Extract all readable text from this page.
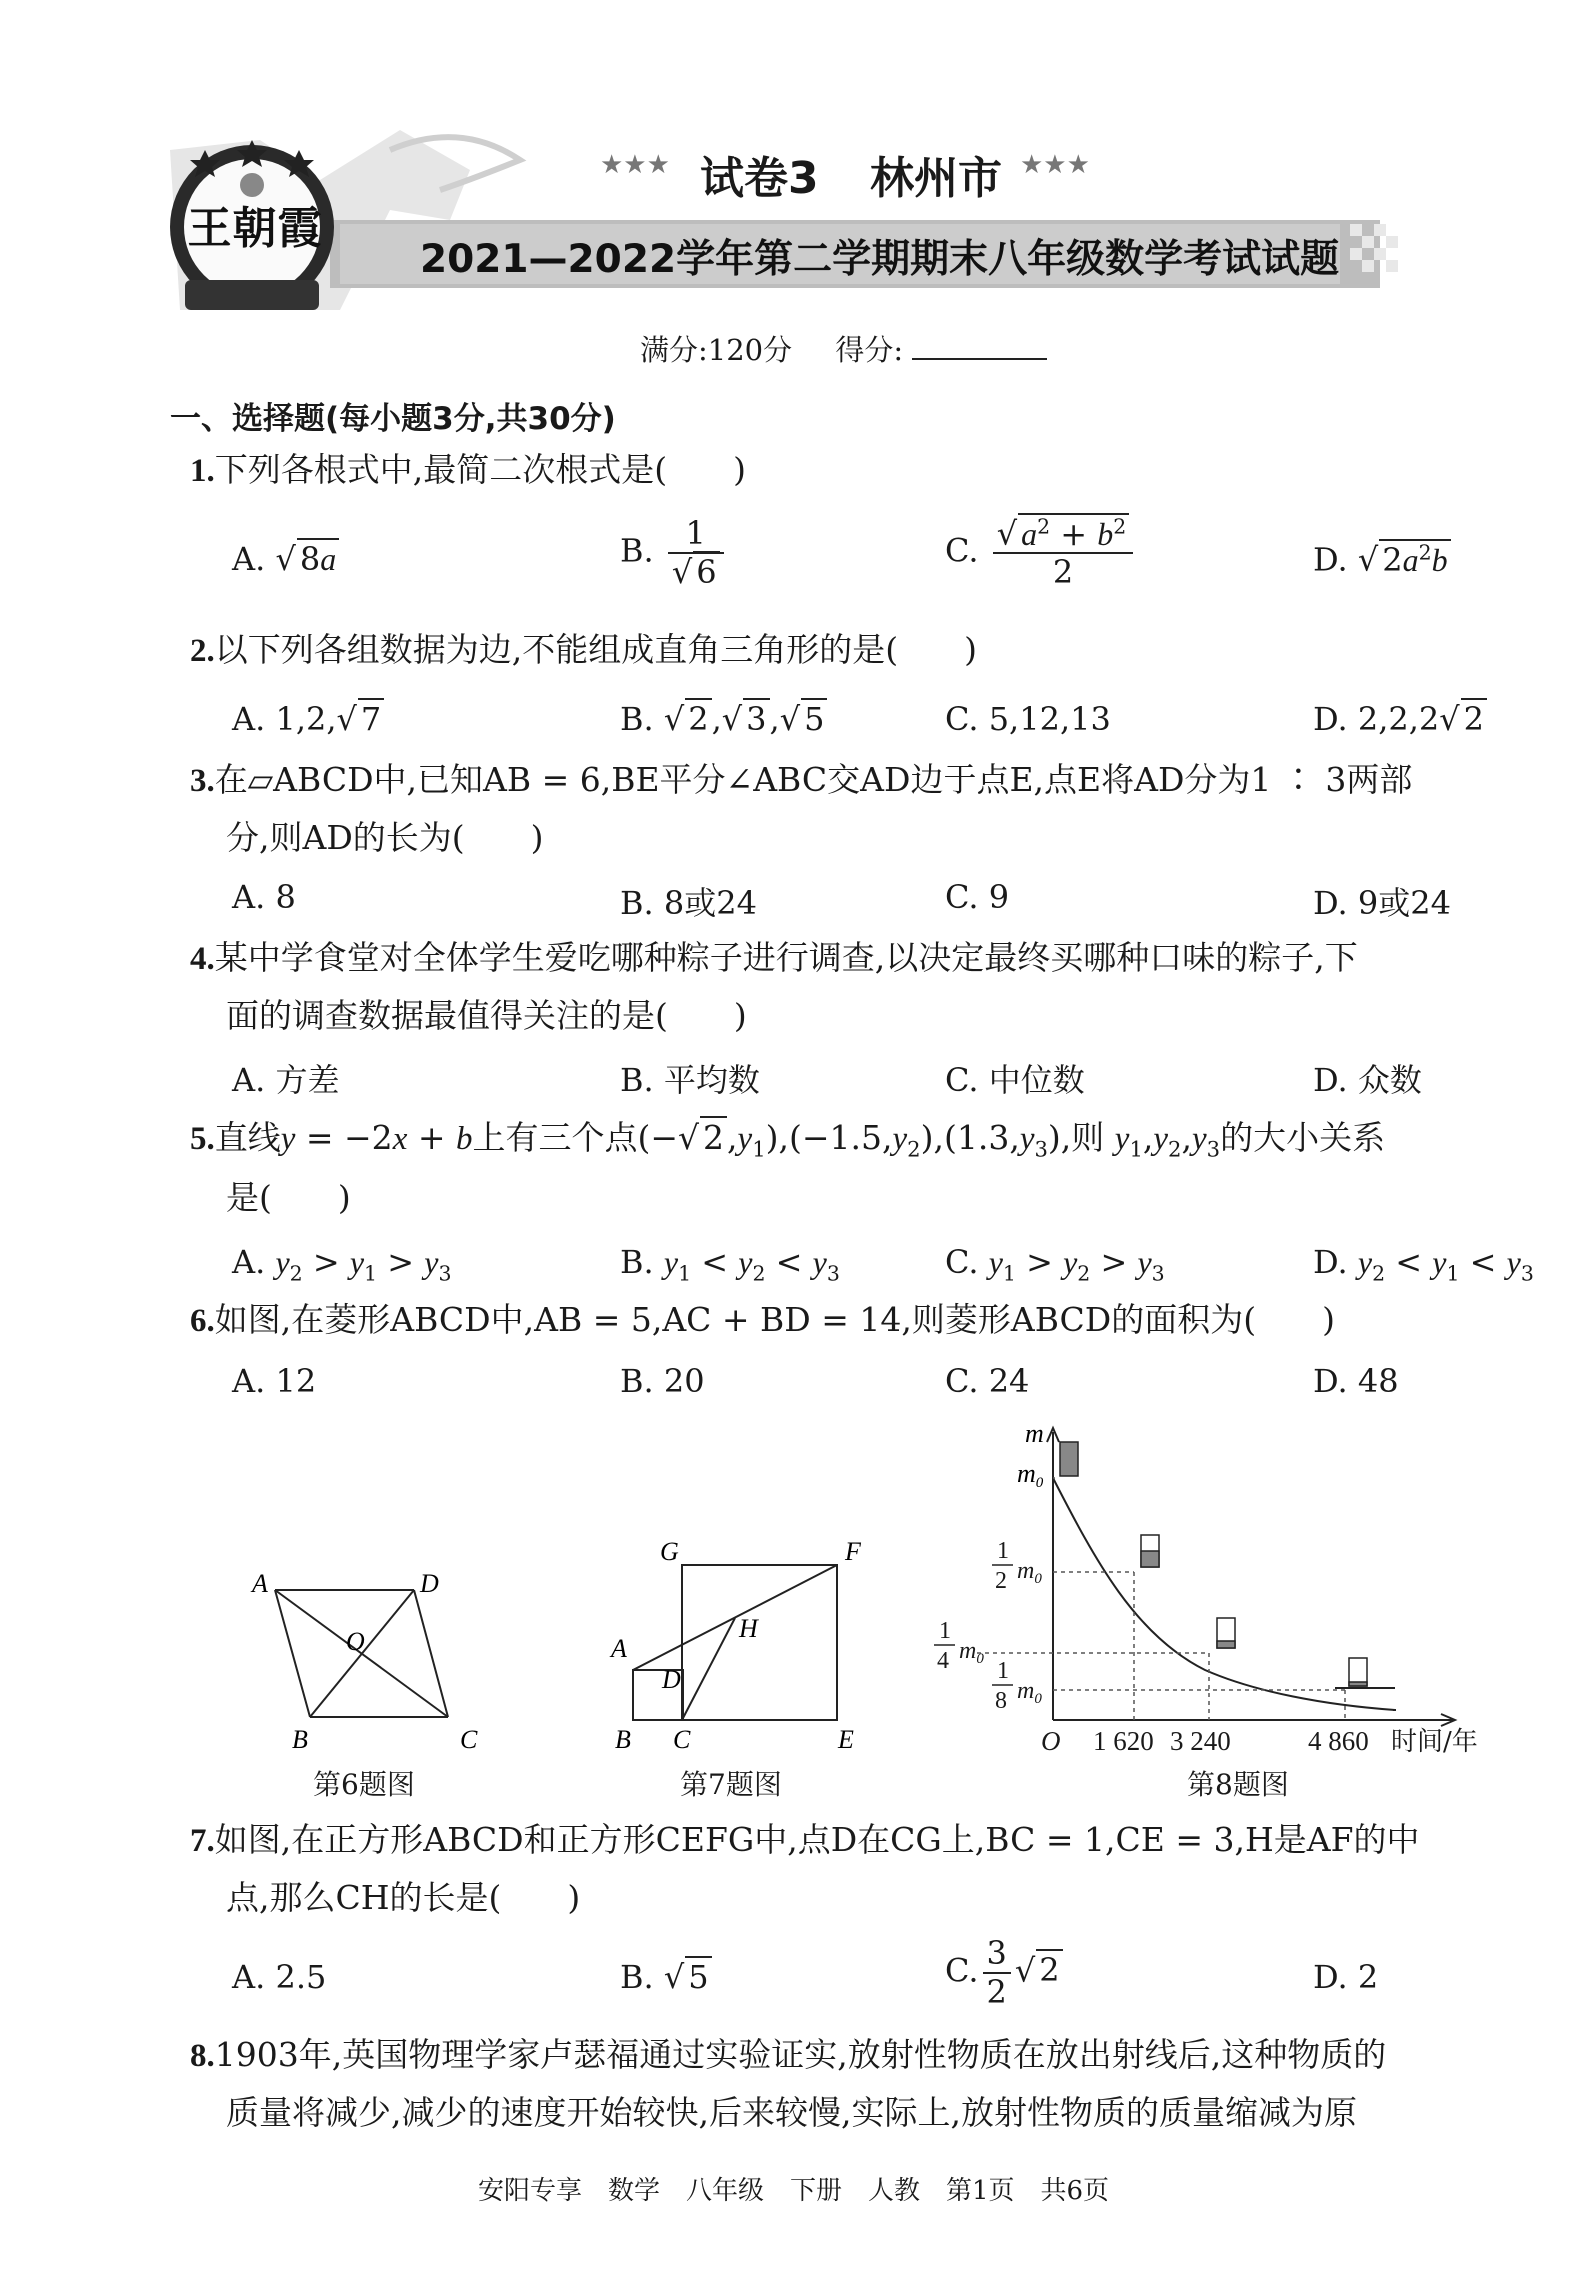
王朝霞
★★★ 试卷3 林州市 ★★★
2021—2022学年第二学期期末八年级数学考试试题
满分:120分 得分:
一、选择题(每小题3分,共30分)
1.下列各根式中,最简二次根式是(　　)
A. √ 8a	B. $\frac{1}{√ 6}$	C. $\frac{√ a^2 + b^2}{2}$	D. √ $2a^2b$
2.以下列各组数据为边,不能组成直角三角形的是(　　)
A. 1,2,√ 7	B. √ 2,√ 3,√ 5	C. 5,12,13	D. 2,2,2√ 2
3.在▱ABCD中,已知AB = 6,BE平分∠ABC交AD边于点E,点E将AD分为1 ∶ 3两部
分,则AD的长为(　　)
A. 8	B. 8或24	C. 9	D. 9或24
4.某中学食堂对全体学生爱吃哪种粽子进行调查,以决定最终买哪种口味的粽子,下
面的调查数据最值得关注的是(　　)
A. 方差	B. 平均数	C. 中位数	D. 众数
5.直线y = −2x + b上有三个点(−√ $2,y_1),(-1.5,y_2),(1.3,y_3)$,则 $y_1,y_2,y_3$的大小关系
是(　　)
A. $y_2 > y_1 > y_3$	B. $y_1 < y_2 < y_3$	C. $y_1 > y_2 > y_3$	D. $y_2 < y_1 < y_3$
6.如图,在菱形ABCD中,AB = 5,AC + BD = 14,则菱形ABCD的面积为(　　)
A. 12	B. 20	C. 24	D. 48
A	D
O
B	C
第6题图
G	F
A
H
D
B C	E
第7题图
m
m0
1
2 $m_0$
1
4 $m_0$ 1
8 $m_0$
O 1 620 3 240	4 860 时间/年
第8题图
7.如图,在正方形ABCD和正方形CEFG中,点D在CG上,BC = 1,CE = 3,H是AF的中
点,那么CH的长是(　　)
A. 2.5	B. √ 5	C. $\frac{3}{2}$ √ 2	D. 2
8.1903年,英国物理学家卢瑟福通过实验证实,放射性物质在放出射线后,这种物质的
质量将减少,减少的速度开始较快,后来较慢,实际上,放射性物质的质量缩减为原
安阳专享　数学　八年级　下册　人教　第1页　共6页
